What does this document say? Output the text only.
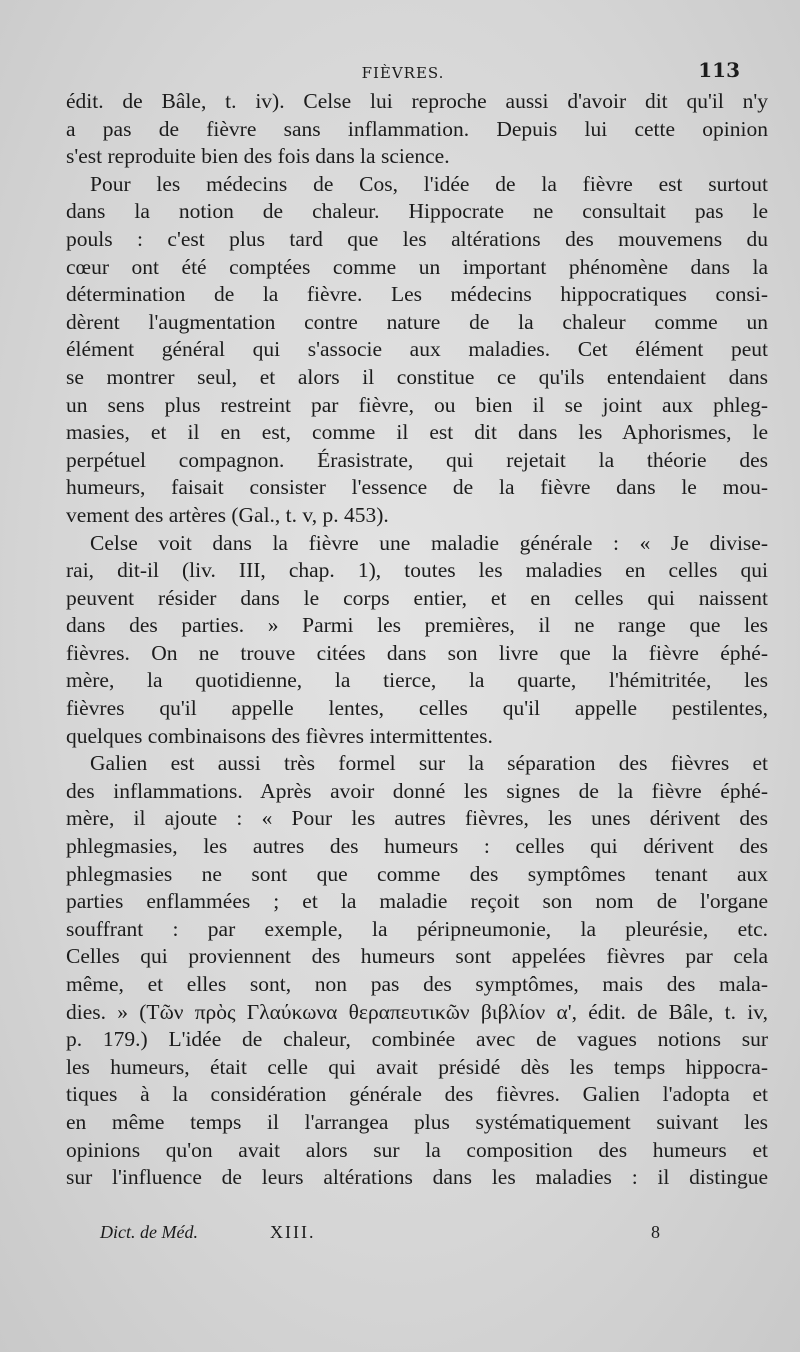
FIÈVRES.	113
édit. de Bâle, t. iv). Celse lui reproche aussi d'avoir dit qu'il n'y
a pas de fièvre sans inflammation. Depuis lui cette opinion
s'est reproduite bien des fois dans la science.
Pour les médecins de Cos, l'idée de la fièvre est surtout
dans la notion de chaleur. Hippocrate ne consultait pas le
pouls : c'est plus tard que les altérations des mouvemens du
cœur ont été comptées comme un important phénomène dans la
détermination de la fièvre. Les médecins hippocratiques consi-
dèrent l'augmentation contre nature de la chaleur comme un
élément général qui s'associe aux maladies. Cet élément peut
se montrer seul, et alors il constitue ce qu'ils entendaient dans
un sens plus restreint par fièvre, ou bien il se joint aux phleg-
masies, et il en est, comme il est dit dans les Aphorismes, le
perpétuel compagnon. Érasistrate, qui rejetait la théorie des
humeurs, faisait consister l'essence de la fièvre dans le mou-
vement des artères (Gal., t. v, p. 453).
Celse voit dans la fièvre une maladie générale : « Je divise-
rai, dit-il (liv. III, chap. 1), toutes les maladies en celles qui
peuvent résider dans le corps entier, et en celles qui naissent
dans des parties. » Parmi les premières, il ne range que les
fièvres. On ne trouve citées dans son livre que la fièvre éphé-
mère, la quotidienne, la tierce, la quarte, l'hémitritée, les
fièvres qu'il appelle lentes, celles qu'il appelle pestilentes,
quelques combinaisons des fièvres intermittentes.
Galien est aussi très formel sur la séparation des fièvres et
des inflammations. Après avoir donné les signes de la fièvre éphé-
mère, il ajoute : « Pour les autres fièvres, les unes dérivent des
phlegmasies, les autres des humeurs : celles qui dérivent des
phlegmasies ne sont que comme des symptômes tenant aux
parties enflammées ; et la maladie reçoit son nom de l'organe
souffrant : par exemple, la péripneumonie, la pleurésie, etc.
Celles qui proviennent des humeurs sont appelées fièvres par cela
même, et elles sont, non pas des symptômes, mais des mala-
dies. » (Τῶν πρὸς Γλαύκωνα θεραπευτικῶν βιβλίον α', édit. de Bâle, t. iv,
p. 179.) L'idée de chaleur, combinée avec de vagues notions sur
les humeurs, était celle qui avait présidé dès les temps hippocra-
tiques à la considération générale des fièvres. Galien l'adopta et
en même temps il l'arrangea plus systématiquement suivant les
opinions qu'on avait alors sur la composition des humeurs et
sur l'influence de leurs altérations dans les maladies : il distingue
Dict. de Méd.	XIII.	8
